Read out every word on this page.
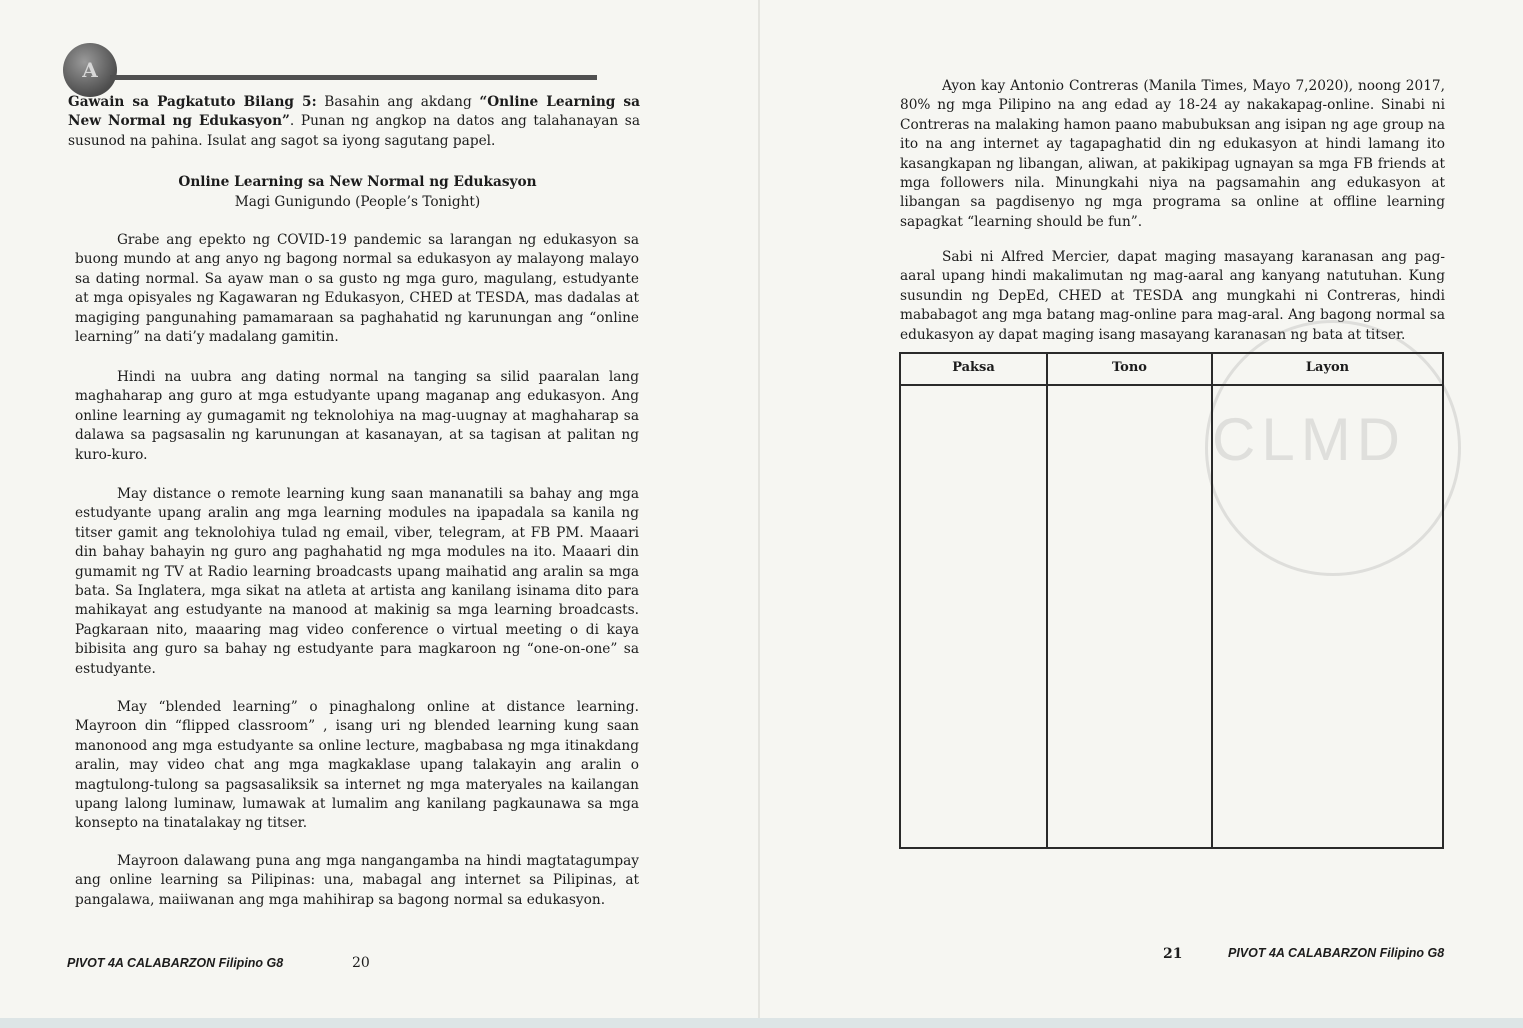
A

Gawain sa Pagkatuto Bilang 5: Basahin ang akdang “Online Learning sa New Normal ng Edukasyon”. Punan ng angkop na datos ang talahanayan sa susunod na pahina. Isulat ang sagot sa iyong sagutang papel.

Online Learning sa New Normal ng Edukasyon

Magi Gunigundo (People’s Tonight)

Grabe ang epekto ng COVID-19 pandemic sa larangan ng edukasyon sa buong mundo at ang anyo ng bagong normal sa edukasyon ay malayong malayo sa dating normal. Sa ayaw man o sa gusto ng mga guro, magulang, estudyante at mga opisyales ng Kagawaran ng Edukasyon, CHED at TESDA, mas dadalas at magiging pangunahing pamamaraan sa paghahatid ng karunungan ang “online learning” na dati’y madalang gamitin.

Hindi na uubra ang dating normal na tanging sa silid paaralan lang maghaharap ang guro at mga estudyante upang maganap ang edukasyon. Ang online learning ay gumagamit ng teknolohiya na mag-uugnay at maghaharap sa dalawa sa pagsasalin ng karunungan at kasanayan, at sa tagisan at palitan ng kuro-kuro.

May distance o remote learning kung saan mananatili sa bahay ang mga estudyante upang aralin ang mga learning modules na ipapadala sa kanila ng titser gamit ang teknolohiya tulad ng email, viber, telegram, at FB PM. Maaari din bahay bahayin ng guro ang paghahatid ng mga modules na ito. Maaari din gumamit ng TV at Radio learning broadcasts upang maihatid ang aralin sa mga bata. Sa Inglatera, mga sikat na atleta at artista ang kanilang isinama dito para mahikayat ang estudyante na manood at makinig sa mga learning broadcasts. Pagkaraan nito, maaaring mag video conference o virtual meeting o di kaya bibisita ang guro sa bahay ng estudyante para magkaroon ng “one-on-one” sa estudyante.

May “blended learning” o pinaghalong online at distance learning. Mayroon din “flipped classroom” , isang uri ng blended learning kung saan manonood ang mga estudyante sa online lecture, magbabasa ng mga itinakdang aralin, may video chat ang mga magkaklase upang talakayin ang aralin o magtulong-tulong sa pagsasaliksik sa internet ng mga materyales na kailangan upang lalong luminaw, lumawak at lumalim ang kanilang pagkaunawa sa mga konsepto na tinatalakay ng titser.

Mayroon dalawang puna ang mga nangangamba na hindi magtatagumpay ang online learning sa Pilipinas: una, mabagal ang internet sa Pilipinas, at pangalawa, maiiwanan ang mga mahihirap sa bagong normal sa edukasyon.

PIVOT 4A CALABARZON Filipino G8	20

Ayon kay Antonio Contreras (Manila Times, Mayo 7,2020), noong 2017, 80% ng mga Pilipino na ang edad ay 18-24 ay nakakapag-online. Sinabi ni Contreras na malaking hamon paano mabubuksan ang isipan ng age group na ito na ang internet ay tagapaghatid din ng edukasyon at hindi lamang ito kasangkapan ng libangan, aliwan, at pakikipag ugnayan sa mga FB friends at mga followers nila. Minungkahi niya na pagsamahin ang edukasyon at libangan sa pagdisenyo ng mga programa sa online at offline learning sapagkat “learning should be fun”.

Sabi ni Alfred Mercier, dapat maging masayang karanasan ang pag-aaral upang hindi makalimutan ng mag-aaral ang kanyang natutuhan. Kung susundin ng DepEd, CHED at TESDA ang mungkahi ni Contreras, hindi mababagot ang mga batang mag-online para mag-aral. Ang bagong normal sa edukasyon ay dapat maging isang masayang karanasan ng bata at titser.

CLMD
21	PIVOT 4A CALABARZON Filipino G8
Paksa	Tono	Layon
